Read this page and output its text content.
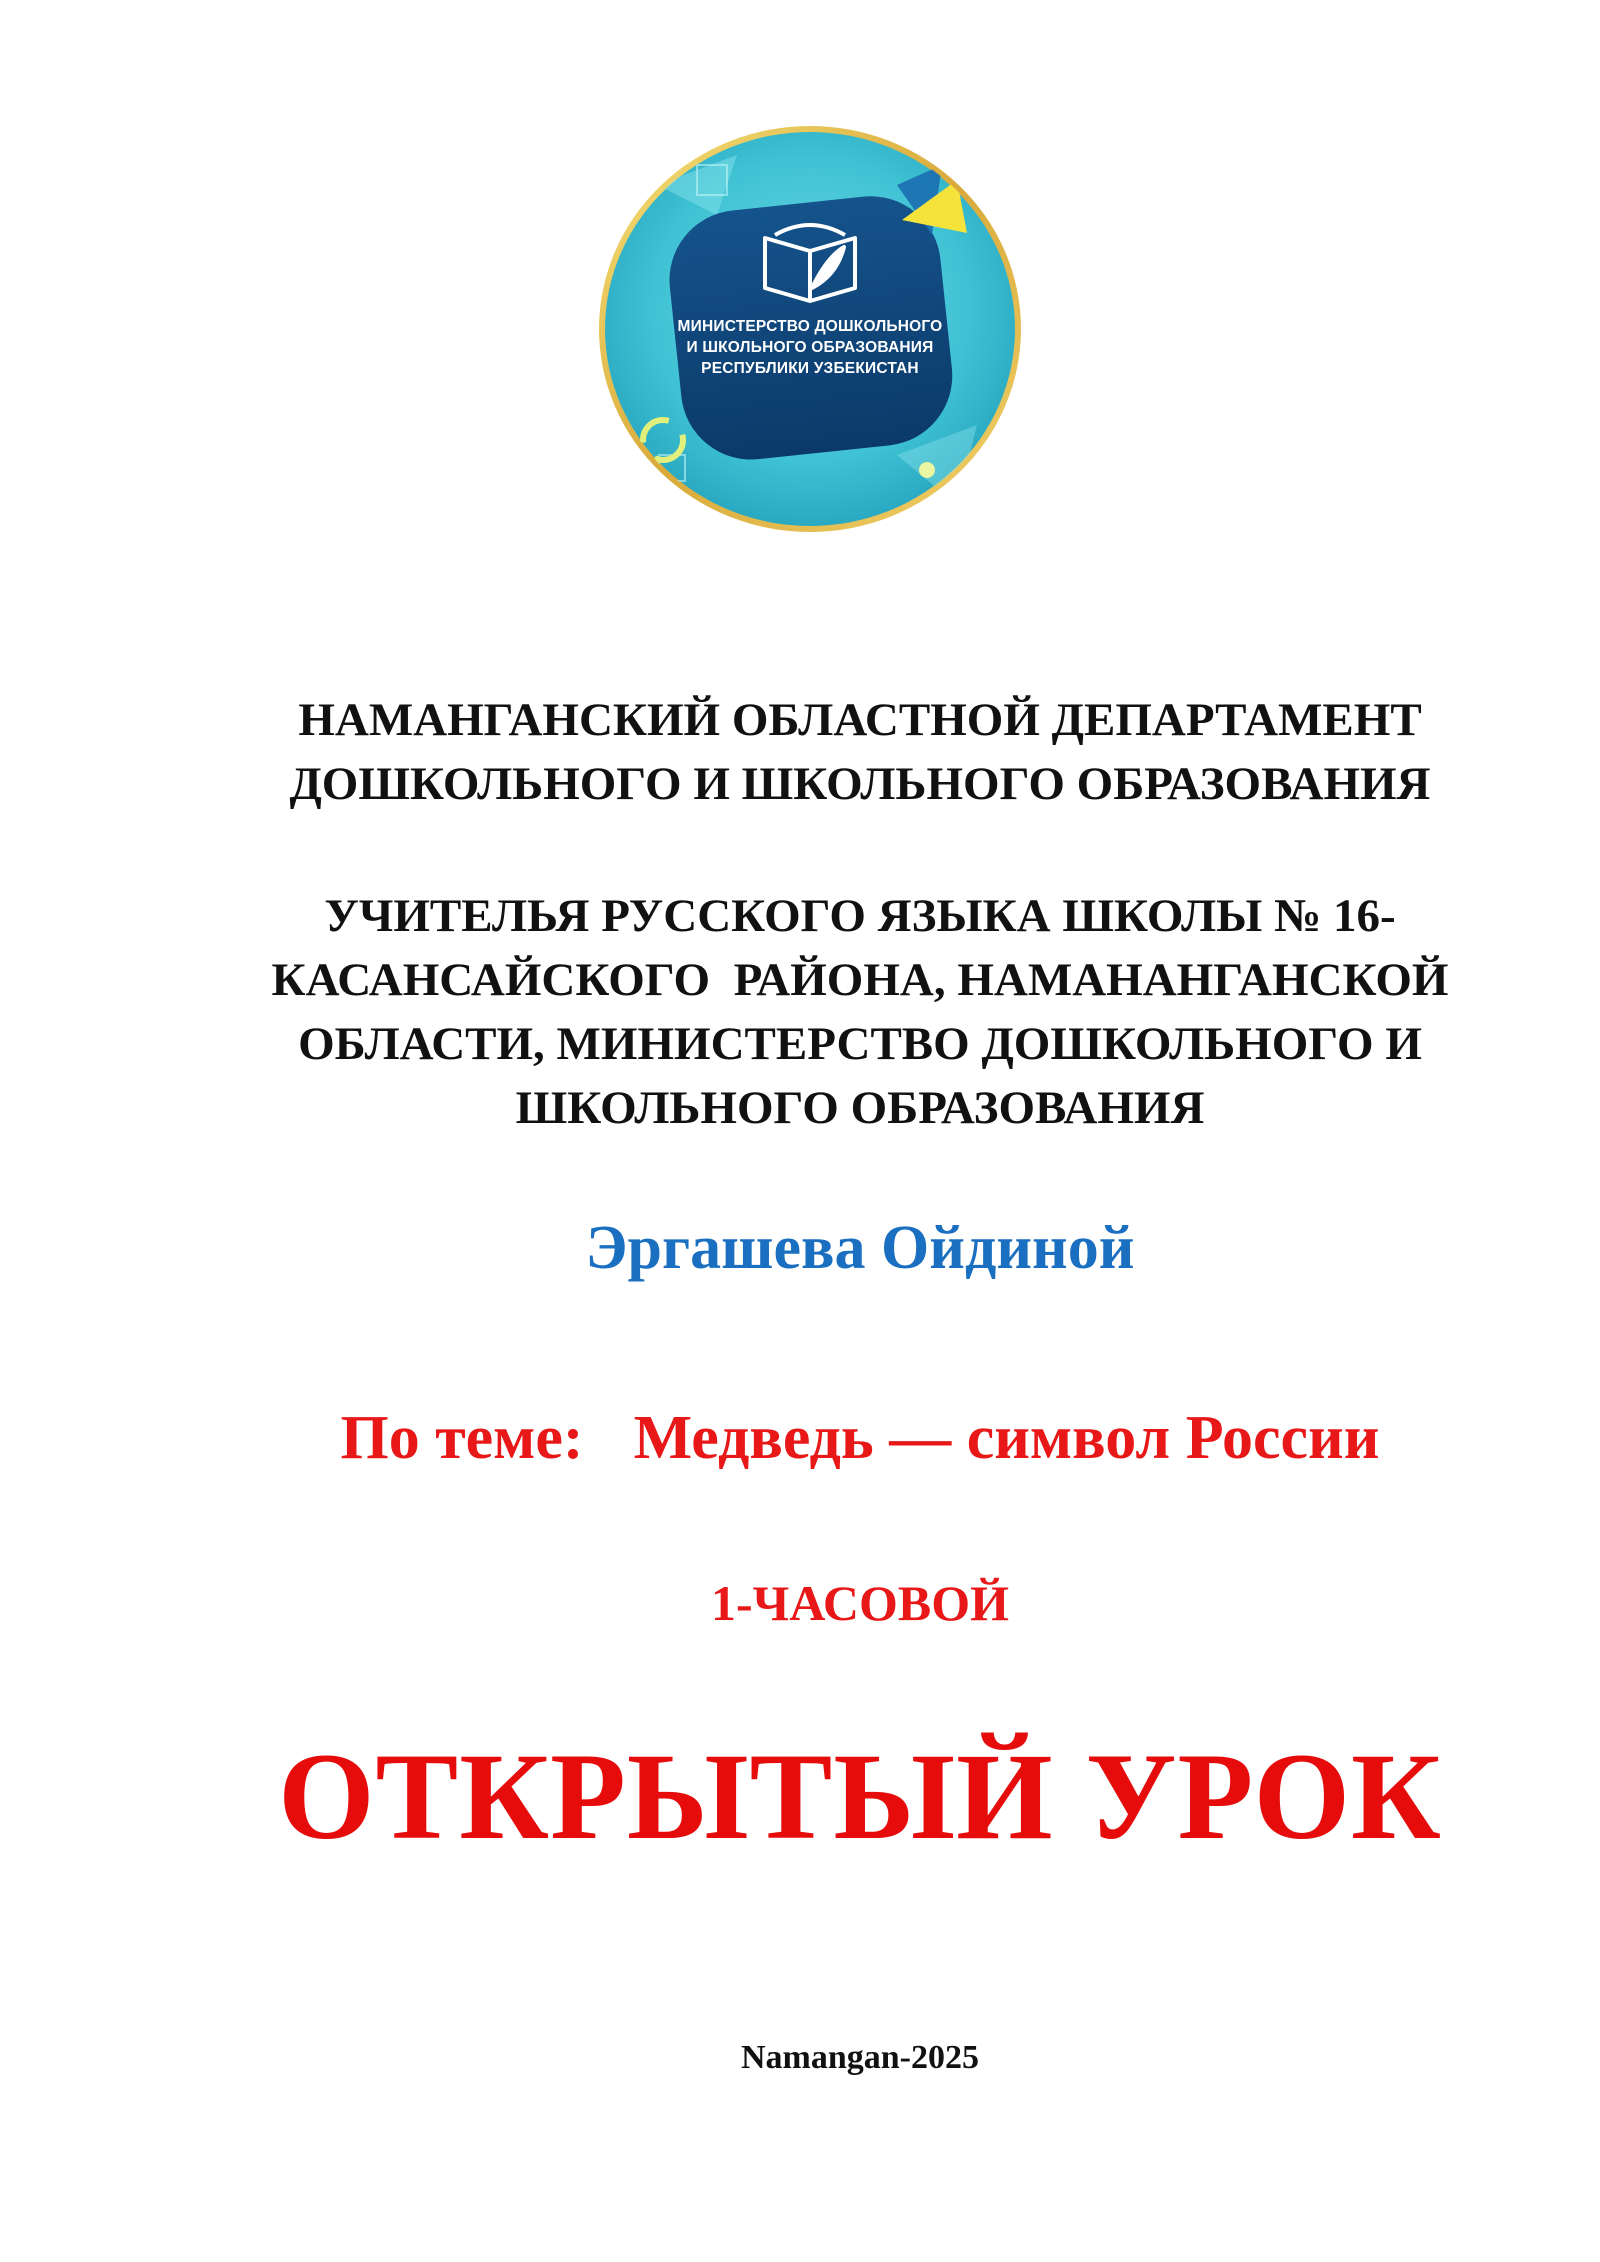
МИНИСТЕРСТВО ДОШКОЛЬНОГО
И ШКОЛЬНОГО ОБРАЗОВАНИЯ
РЕСПУБЛИКИ УЗБЕКИСТАН
НАМАНГАНСКИЙ ОБЛАСТНОЙ ДЕПАРТАМЕНТ
ДОШКОЛЬНОГО И ШКОЛЬНОГО ОБРАЗОВАНИЯ
УЧИТЕЛЬЯ РУССКОГО ЯЗЫКА ШКОЛЫ № 16-
КАСАНСАЙСКОГО  РАЙОНА, НАМАНАНГАНСКОЙ
ОБЛАСТИ, МИНИСТЕРСТВО ДОШКОЛЬНОГО И
ШКОЛЬНОГО ОБРАЗОВАНИЯ
Эргашева Ойдиной
По теме: Медведь — символ России
1-ЧАСОВОЙ
ОТКРЫТЫЙ УРОК
Namangan-2025
